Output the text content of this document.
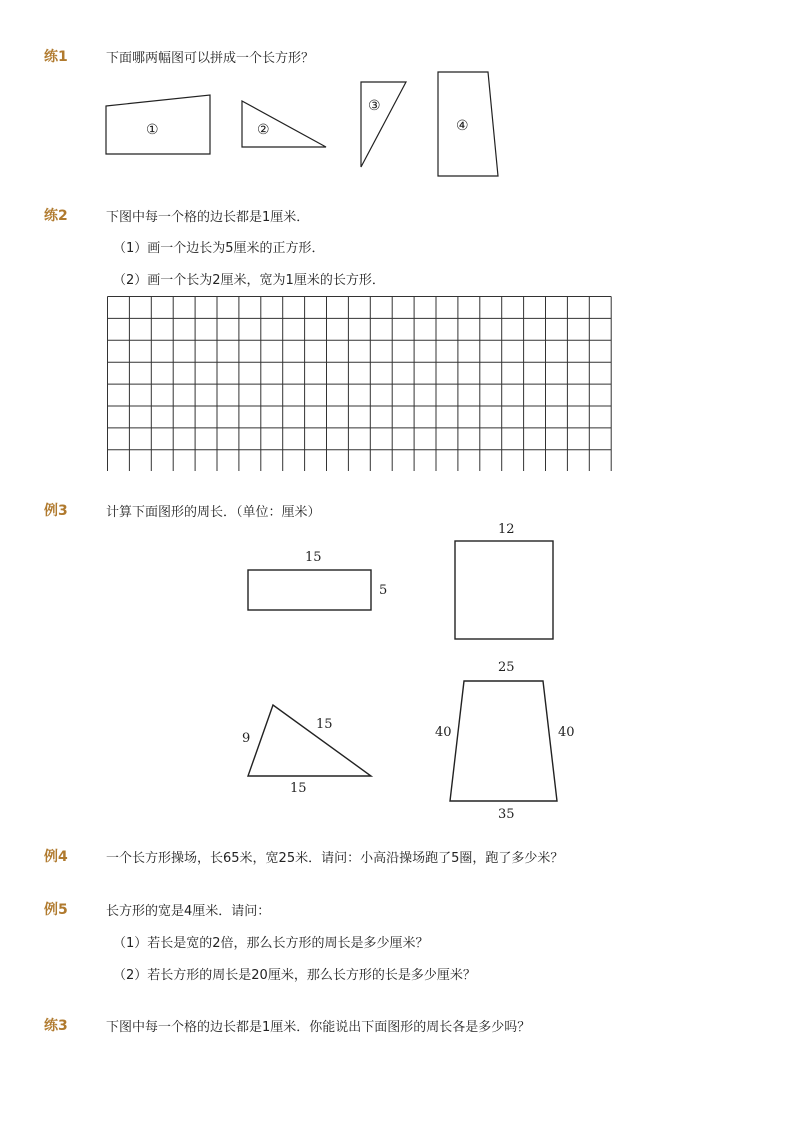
练1	下面哪两幅图可以拼成一个长方形？
①	②
③
④
15
5
12
9
15
15
25
40	40
35
练2	下图中每一个格的边长都是1厘米．
（1）画一个边长为5厘米的正方形．
（2）画一个长为2厘米，宽为1厘米的长方形．
例3	计算下面图形的周长．（单位：厘米）
例4	一个长方形操场，长65米，宽25米．请问：小高沿操场跑了5圈，跑了多少米？
例5	长方形的宽是4厘米．请问：
（1）若长是宽的2倍，那么长方形的周长是多少厘米？
（2）若长方形的周长是20厘米，那么长方形的长是多少厘米？
练3	下图中每一个格的边长都是1厘米．你能说出下面图形的周长各是多少吗？
